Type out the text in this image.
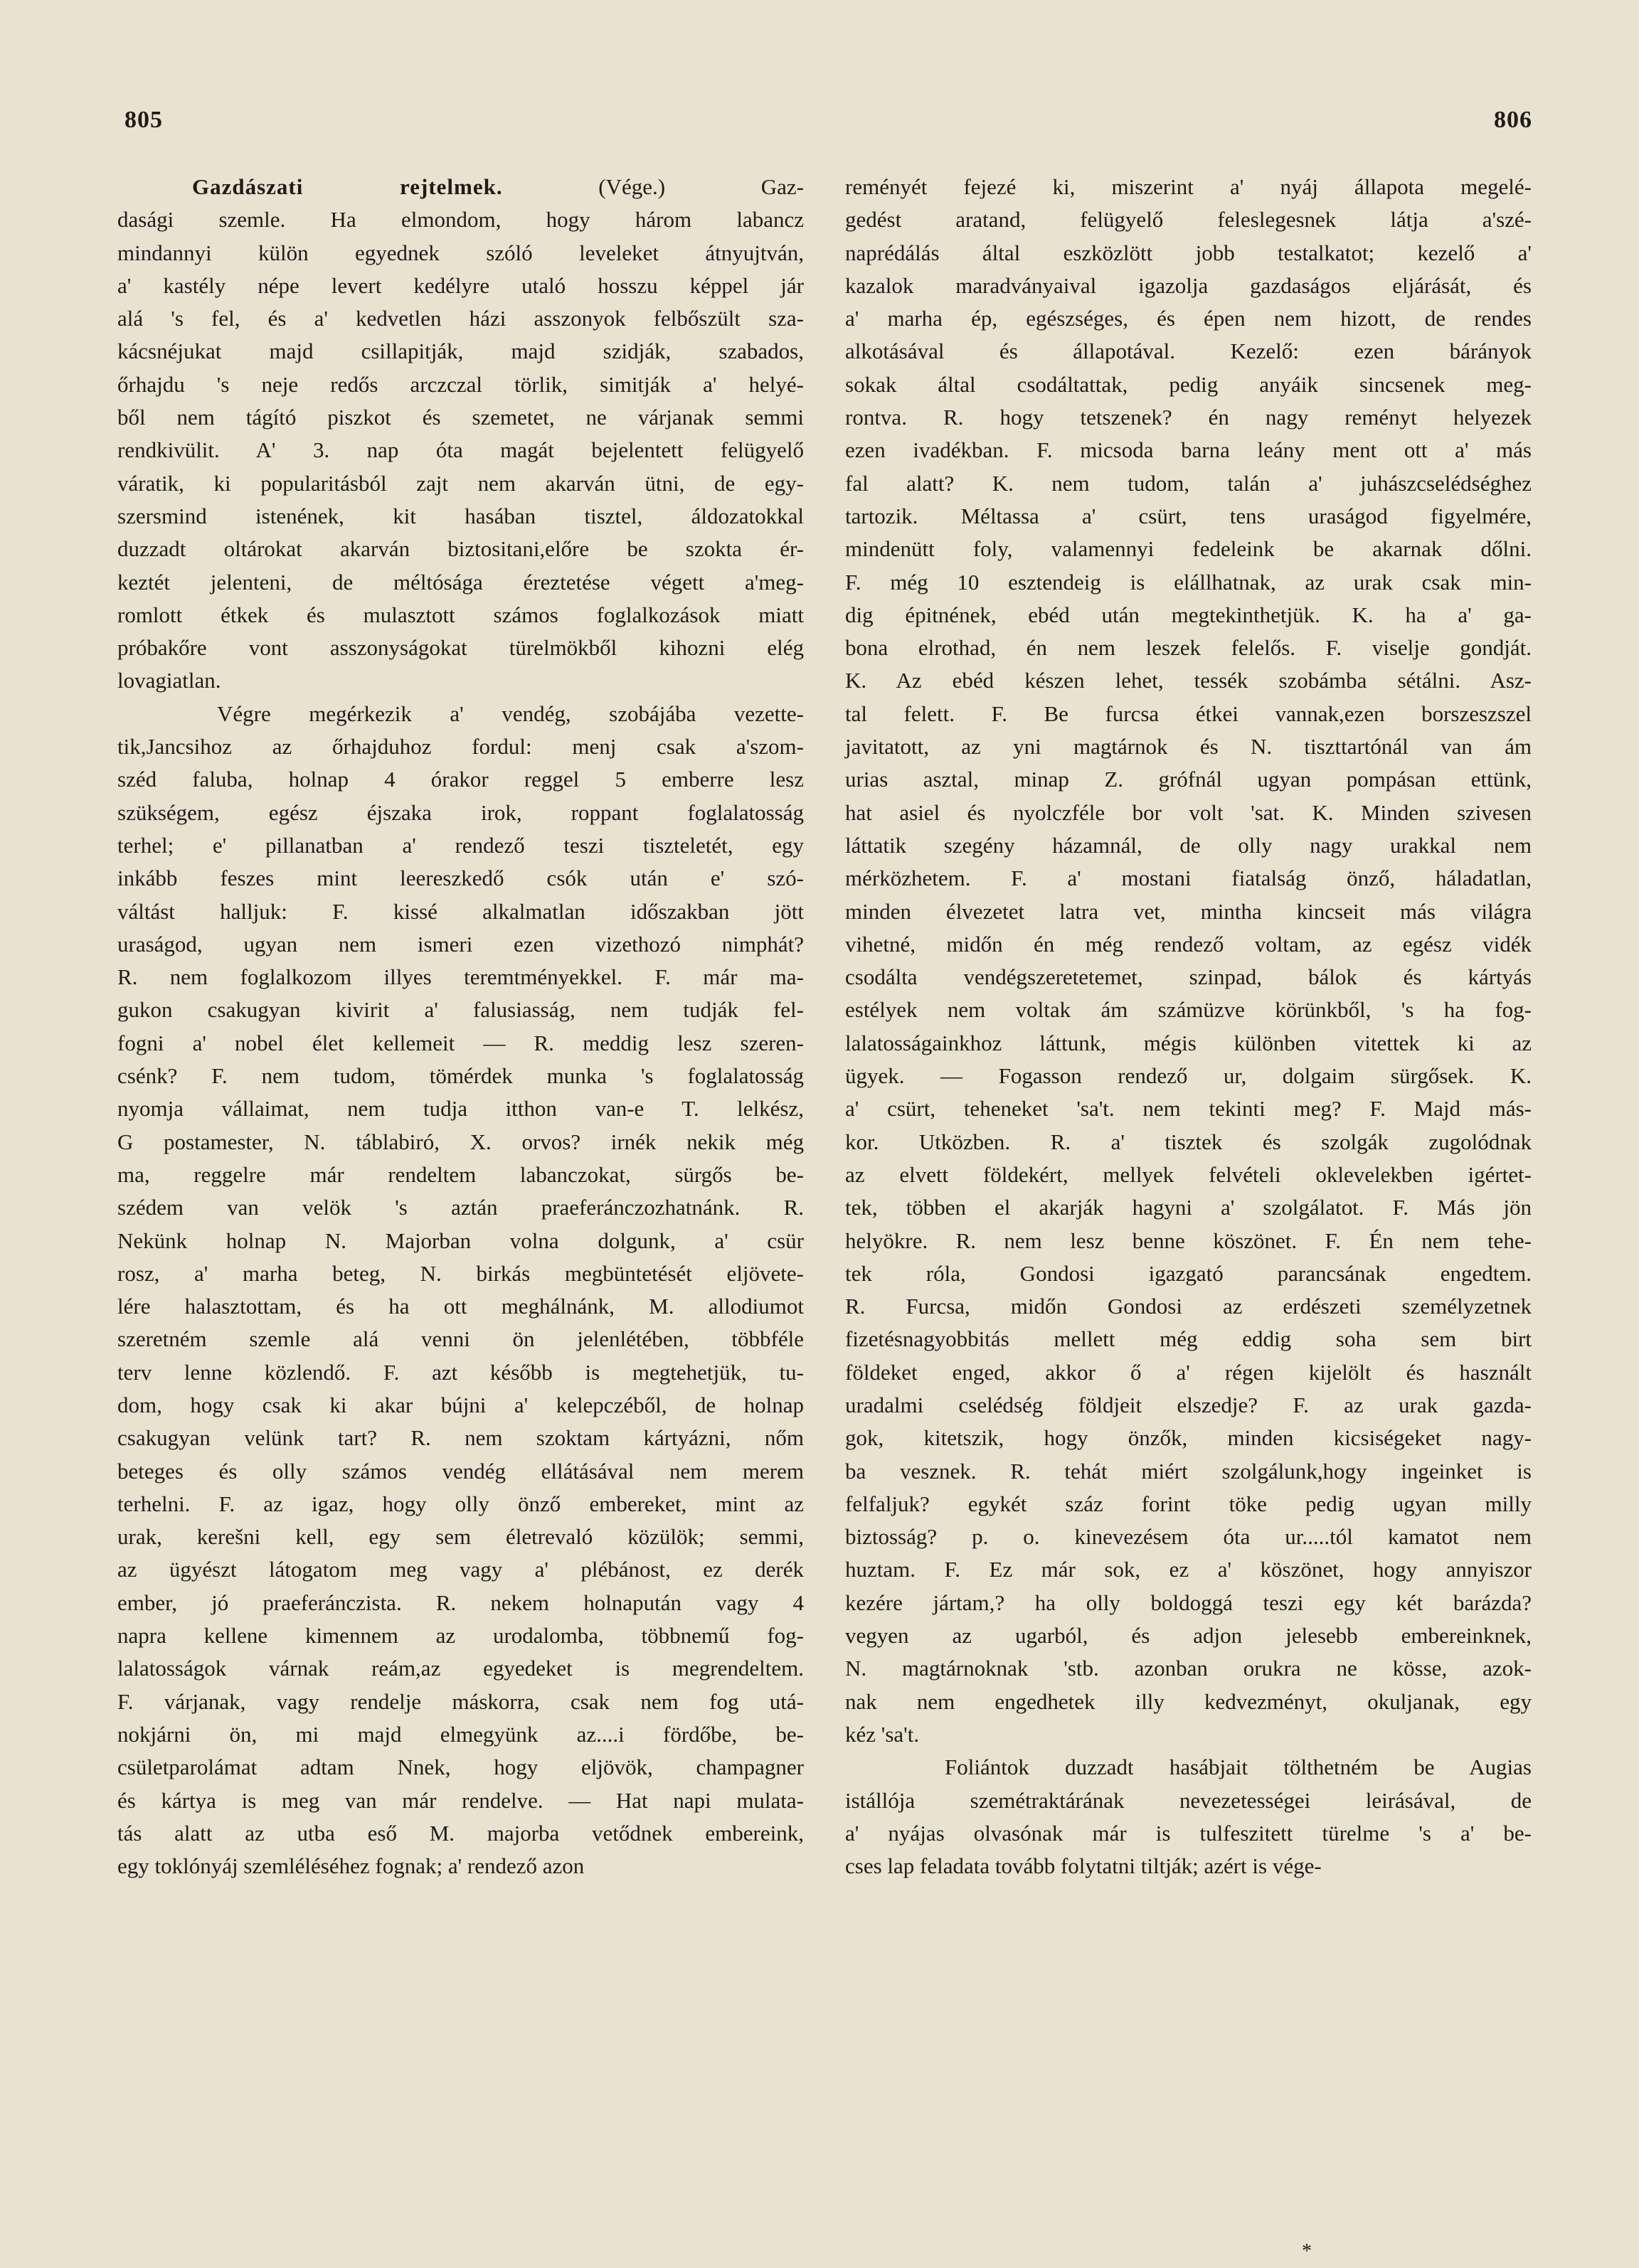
805	806

Gazdászati rejtelmek. (Vége.) Gaz-

dasági szemle. Ha elmondom, hogy három labancz

mindannyi külön egyednek szóló leveleket átnyujtván,

a' kastély népe levert kedélyre utaló hosszu képpel jár

alá 's fel, és a' kedvetlen házi asszonyok felbőszült sza-

kácsnéjukat majd csillapitják, majd szidják, szabados,

őrhajdu 's neje redős arczczal törlik, simitják a' helyé-

ből nem tágító piszkot és szemetet, ne várjanak semmi

rendkivülit. A' 3. nap óta magát bejelentett felügyelő

váratik, ki popularitásból zajt nem akarván ütni, de egy-

szersmind istenének, kit hasában tisztel, áldozatokkal

duzzadt oltárokat akarván biztositani,előre be szokta ér-

keztét jelenteni, de méltósága éreztetése végett a'meg-

romlott étkek és mulasztott számos foglalkozások miatt

próbakőre vont asszonyságokat türelmökből kihozni elég

lovagiatlan.

Végre megérkezik a' vendég, szobájába vezette-

tik,Jancsihoz az őrhajduhoz fordul: menj csak a'szom-

széd faluba, holnap 4 órakor reggel 5 emberre lesz

szükségem, egész éjszaka irok, roppant foglalatosság

terhel; e' pillanatban a' rendező teszi tiszteletét, egy

inkább feszes mint leereszkedő csók után e' szó-

váltást halljuk: F. kissé alkalmatlan időszakban jött

uraságod, ugyan nem ismeri ezen vizethozó nimphát?

R. nem foglalkozom illyes teremtményekkel. F. már ma-

gukon csakugyan kivirit a' falusiasság, nem tudják fel-

fogni a' nobel élet kellemeit — R. meddig lesz szeren-

csénk? F. nem tudom, tömérdek munka 's foglalatosság

nyomja vállaimat, nem tudja itthon van-e T. lelkész,

G postamester, N. táblabiró, X. orvos? irnék nekik még

ma, reggelre már rendeltem labanczokat, sürgős be-

szédem van velök 's aztán praeferánczozhatnánk. R.

Nekünk holnap N. Majorban volna dolgunk, a' csür

rosz, a' marha beteg, N. birkás megbüntetését eljövete-

lére halasztottam, és ha ott meghálnánk, M. allodiumot

szeretném szemle alá venni ön jelenlétében, többféle

terv lenne közlendő. F. azt később is megtehetjük, tu-

dom, hogy csak ki akar bújni a' kelepczéből, de holnap

csakugyan velünk tart? R. nem szoktam kártyázni, nőm

beteges és olly számos vendég ellátásával nem merem

terhelni. F. az igaz, hogy olly önző embereket, mint az

urak, kerešni kell, egy sem életrevaló közülök; semmi,

az ügyészt látogatom meg vagy a' plébánost, ez derék

ember, jó praeferánczista. R. nekem holnapután vagy 4

napra kellene kimennem az urodalomba, többnemű fog-

lalatosságok várnak reám,az egyedeket is megrendeltem.

F. várjanak, vagy rendelje máskorra, csak nem fog utá-

nokjárni ön, mi majd elmegyünk az....i fördőbe, be-

csületparolámat adtam Nnek, hogy eljövök, champagner

és kártya is meg van már rendelve. — Hat napi mulata-

tás alatt az utba eső M. majorba vetődnek embereink,

egy toklónyáj szemléléséhez fognak; a' rendező azon

reményét fejezé ki, miszerint a' nyáj állapota megelé-

gedést aratand, felügyelő feleslegesnek látja a'szé-

naprédálás által eszközlött jobb testalkatot; kezelő a'

kazalok maradványaival igazolja gazdaságos eljárását, és

a' marha ép, egészséges, és épen nem hizott, de rendes

alkotásával és állapotával. Kezelő: ezen bárányok

sokak által csodáltattak, pedig anyáik sincsenek meg-

rontva. R. hogy tetszenek? én nagy reményt helyezek

ezen ivadékban. F. micsoda barna leány ment ott a' más

fal alatt? K. nem tudom, talán a' juhászcselédséghez

tartozik. Méltassa a' csürt, tens uraságod figyelmére,

mindenütt foly, valamennyi fedeleink be akarnak dőlni.

F. még 10 esztendeig is elállhatnak, az urak csak min-

dig épitnének, ebéd után megtekinthetjük. K. ha a' ga-

bona elrothad, én nem leszek felelős. F. viselje gondját.

K. Az ebéd készen lehet, tessék szobámba sétálni. Asz-

tal felett. F. Be furcsa étkei vannak,ezen borszeszszel

javitatott, az yni magtárnok és N. tiszttartónál van ám

urias asztal, minap Z. grófnál ugyan pompásan ettünk,

hat asiel és nyolczféle bor volt 'sat. K. Minden szivesen

láttatik szegény házamnál, de olly nagy urakkal nem

mérközhetem. F. a' mostani fiatalság önző, háladatlan,

minden élvezetet latra vet, mintha kincseit más világra

vihetné, midőn én még rendező voltam, az egész vidék

csodálta vendégszeretetemet, szinpad, bálok és kártyás

estélyek nem voltak ám számüzve körünkből, 's ha fog-

lalatosságainkhoz láttunk, mégis különben vitettek ki az

ügyek. — Fogasson rendező ur, dolgaim sürgősek. K.

a' csürt, teheneket 'sa't. nem tekinti meg? F. Majd más-

kor. Utközben. R. a' tisztek és szolgák zugolódnak

az elvett földekért, mellyek felvételi oklevelekben igértet-

tek, többen el akarják hagyni a' szolgálatot. F. Más jön

helyökre. R. nem lesz benne köszönet. F. Én nem tehe-

tek róla, Gondosi igazgató parancsának engedtem.

R. Furcsa, midőn Gondosi az erdészeti személyzetnek

fizetésnagyobbitás mellett még eddig soha sem birt

földeket enged, akkor ő a' régen kijelölt és használt

uradalmi cselédség földjeit elszedje? F. az urak gazda-

gok, kitetszik, hogy önzők, minden kicsiségeket nagy-

ba vesznek. R. tehát miért szolgálunk,hogy ingeinket is

felfaljuk? egykét száz forint töke pedig ugyan milly

biztosság? p. o. kinevezésem óta ur.....tól kamatot nem

huztam. F. Ez már sok, ez a' köszönet, hogy annyiszor

kezére jártam,? ha olly boldoggá teszi egy két barázda?

vegyen az ugarból, és adjon jelesebb embereinknek,

N. magtárnoknak 'stb. azonban orukra ne kösse, azok-

nak nem engedhetek illy kedvezményt, okuljanak, egy

kéz 'sa't.

Foliántok duzzadt hasábjait tölthetném be Augias

istállója szemétraktárának nevezetességei leirásával, de

a' nyájas olvasónak már is tulfeszitett türelme 's a' be-

cses lap feladata tovább folytatni tiltják; azért is vége-

*
